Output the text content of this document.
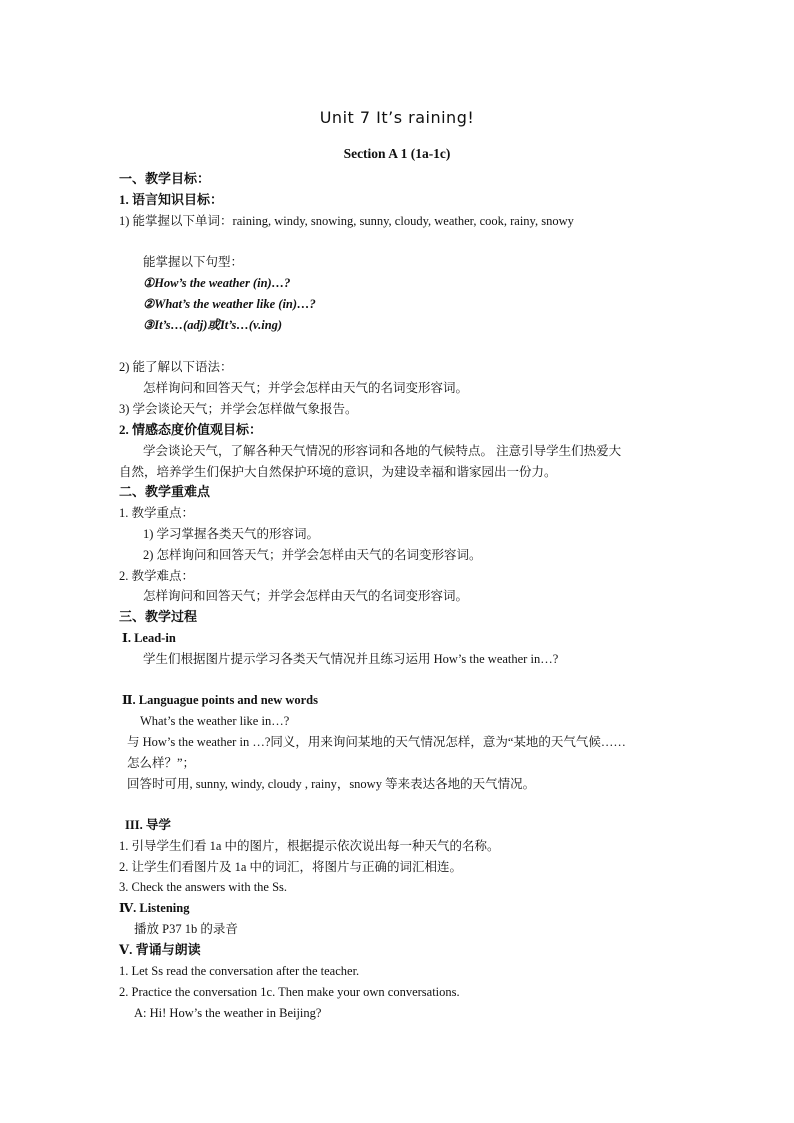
Unit 7 It’s raining!
Section A 1 (1a-1c)
一、教学目标：
1. 语言知识目标：
1) 能掌握以下单词：raining, windy, snowing, sunny, cloudy, weather, cook, rainy, snowy
能掌握以下句型：
①How’s the weather (in)…?
②What’s the weather like (in)…?
③It’s…(adj)或It’s…(v.ing)
2) 能了解以下语法：
怎样询问和回答天气；并学会怎样由天气的名词变形容词。
3) 学会谈论天气；并学会怎样做气象报告。
2. 情感态度价值观目标：
学会谈论天气，了解各种天气情况的形容词和各地的气候特点。 注意引导学生们热爱大
自然，培养学生们保护大自然保护环境的意识，为建设幸福和谐家园出一份力。
二、教学重难点
1. 教学重点：
1) 学习掌握各类天气的形容词。
2) 怎样询问和回答天气；并学会怎样由天气的名词变形容词。
2. 教学难点：
怎样询问和回答天气；并学会怎样由天气的名词变形容词。
三、教学过程
Ⅰ. Lead-in
学生们根据图片提示学习各类天气情况并且练习运用 How’s the weather in…?
Ⅱ. Languague points and new words
What’s the weather like in…?
与 How’s the weather in …?同义，用来询问某地的天气情况怎样，意为“某地的天气气候……
怎么样？”；
回答时可用, sunny, windy, cloudy , rainy，snowy 等来表达各地的天气情况。
III. 导学
1. 引导学生们看 1a 中的图片，根据提示依次说出每一种天气的名称。
2. 让学生们看图片及 1a 中的词汇，将图片与正确的词汇相连。
3. Check the answers with the Ss.
Ⅳ. Listening
播放 P37 1b 的录音
Ⅴ. 背诵与朗读
1. Let Ss read the conversation after the teacher.
2. Practice the conversation 1c. Then make your own conversations.
A: Hi! How’s the weather in Beijing?
